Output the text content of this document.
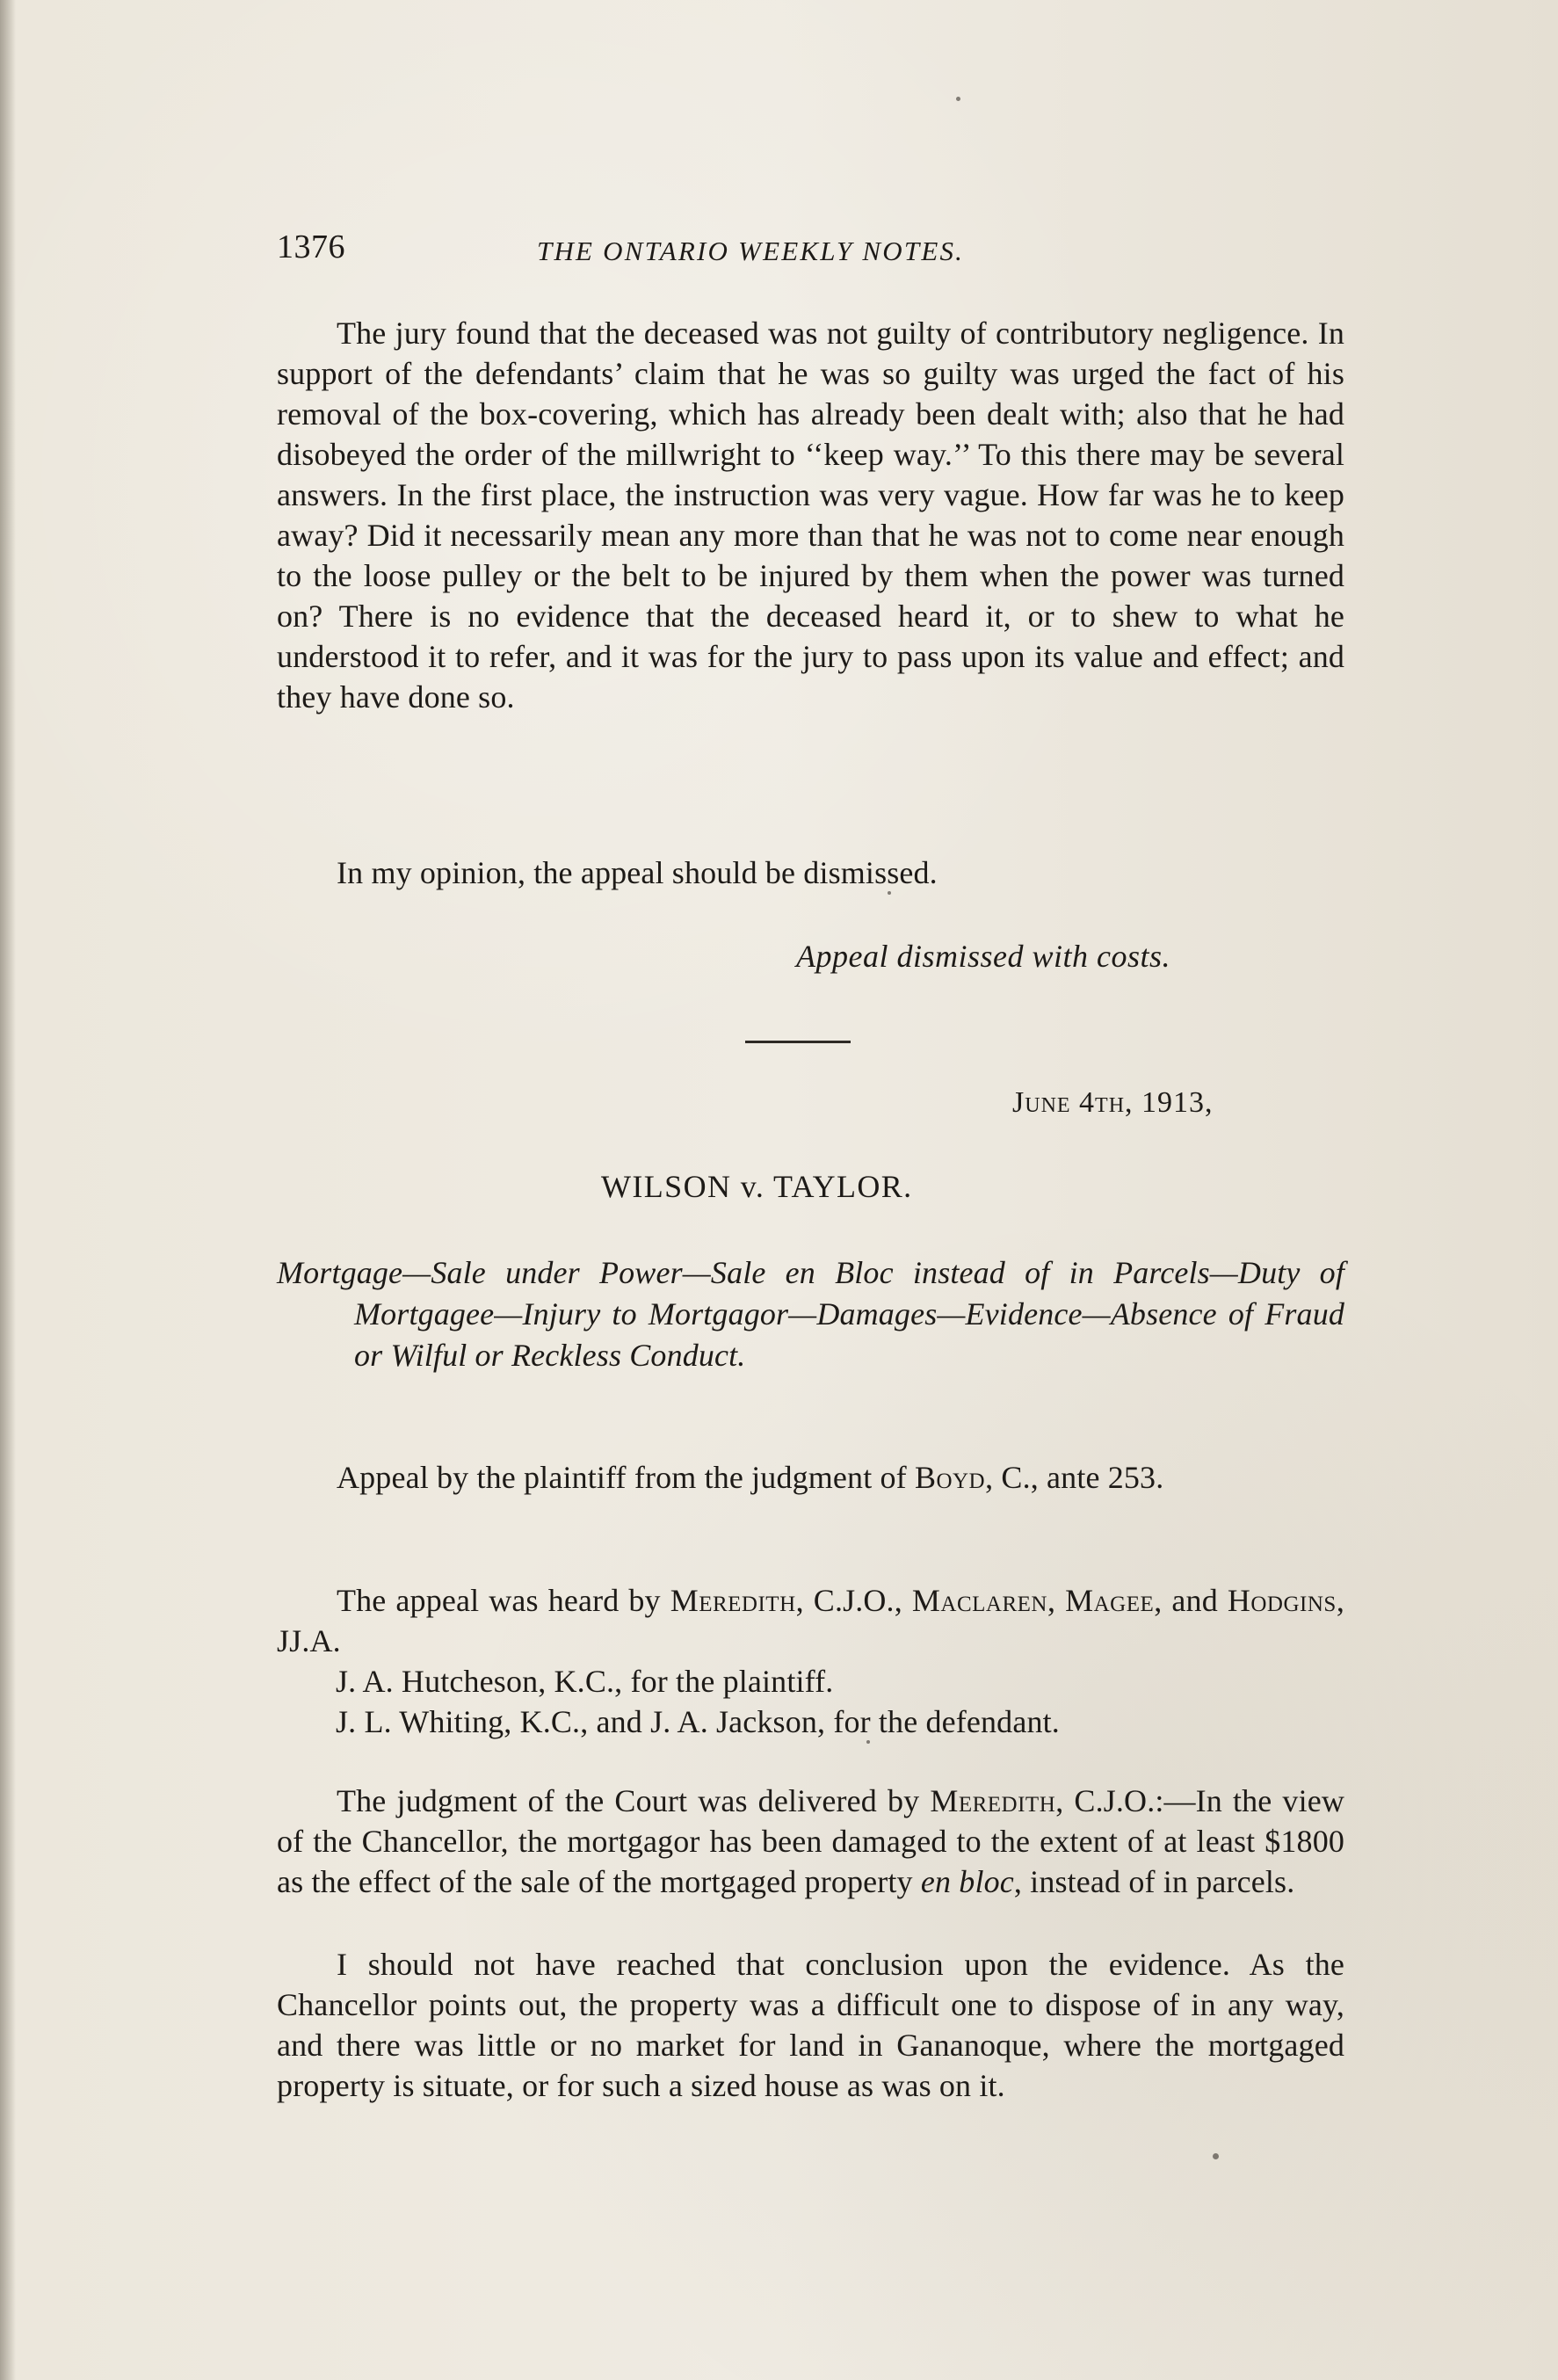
1376	THE ONTARIO WEEKLY NOTES.

The jury found that the deceased was not guilty of contributory negligence. In support of the defendants’ claim that he was so guilty was urged the fact of his removal of the box-covering, which has already been dealt with; also that he had disobeyed the order of the millwright to ‘‘keep way.’’ To this there may be several answers. In the first place, the instruction was very vague. How far was he to keep away? Did it necessarily mean any more than that he was not to come near enough to the loose pulley or the belt to be injured by them when the power was turned on? There is no evidence that the deceased heard it, or to shew to what he understood it to refer, and it was for the jury to pass upon its value and effect; and they have done so.

In my opinion, the appeal should be dismissed.

Appeal dismissed with costs.
June 4th, 1913,
WILSON v. TAYLOR.
Mortgage—Sale under Power—Sale en Bloc instead of in Parcels—Duty of Mortgagee—Injury to Mortgagor—Damages—Evidence—Absence of Fraud or Wilful or Reckless Conduct.

Appeal by the plaintiff from the judgment of Boyd, C., ante 253.

The appeal was heard by Meredith, C.J.O., Maclaren, Magee, and Hodgins, JJ.A.

J. A. Hutcheson, K.C., for the plaintiff.
J. L. Whiting, K.C., and J. A. Jackson, for the defendant.

The judgment of the Court was delivered by Meredith, C.J.O.:—In the view of the Chancellor, the mortgagor has been damaged to the extent of at least $1800 as the effect of the sale of the mortgaged property en bloc, instead of in parcels.

I should not have reached that conclusion upon the evidence. As the Chancellor points out, the property was a difficult one to dispose of in any way, and there was little or no market for land in Gananoque, where the mortgaged property is situate, or for such a sized house as was on it.
